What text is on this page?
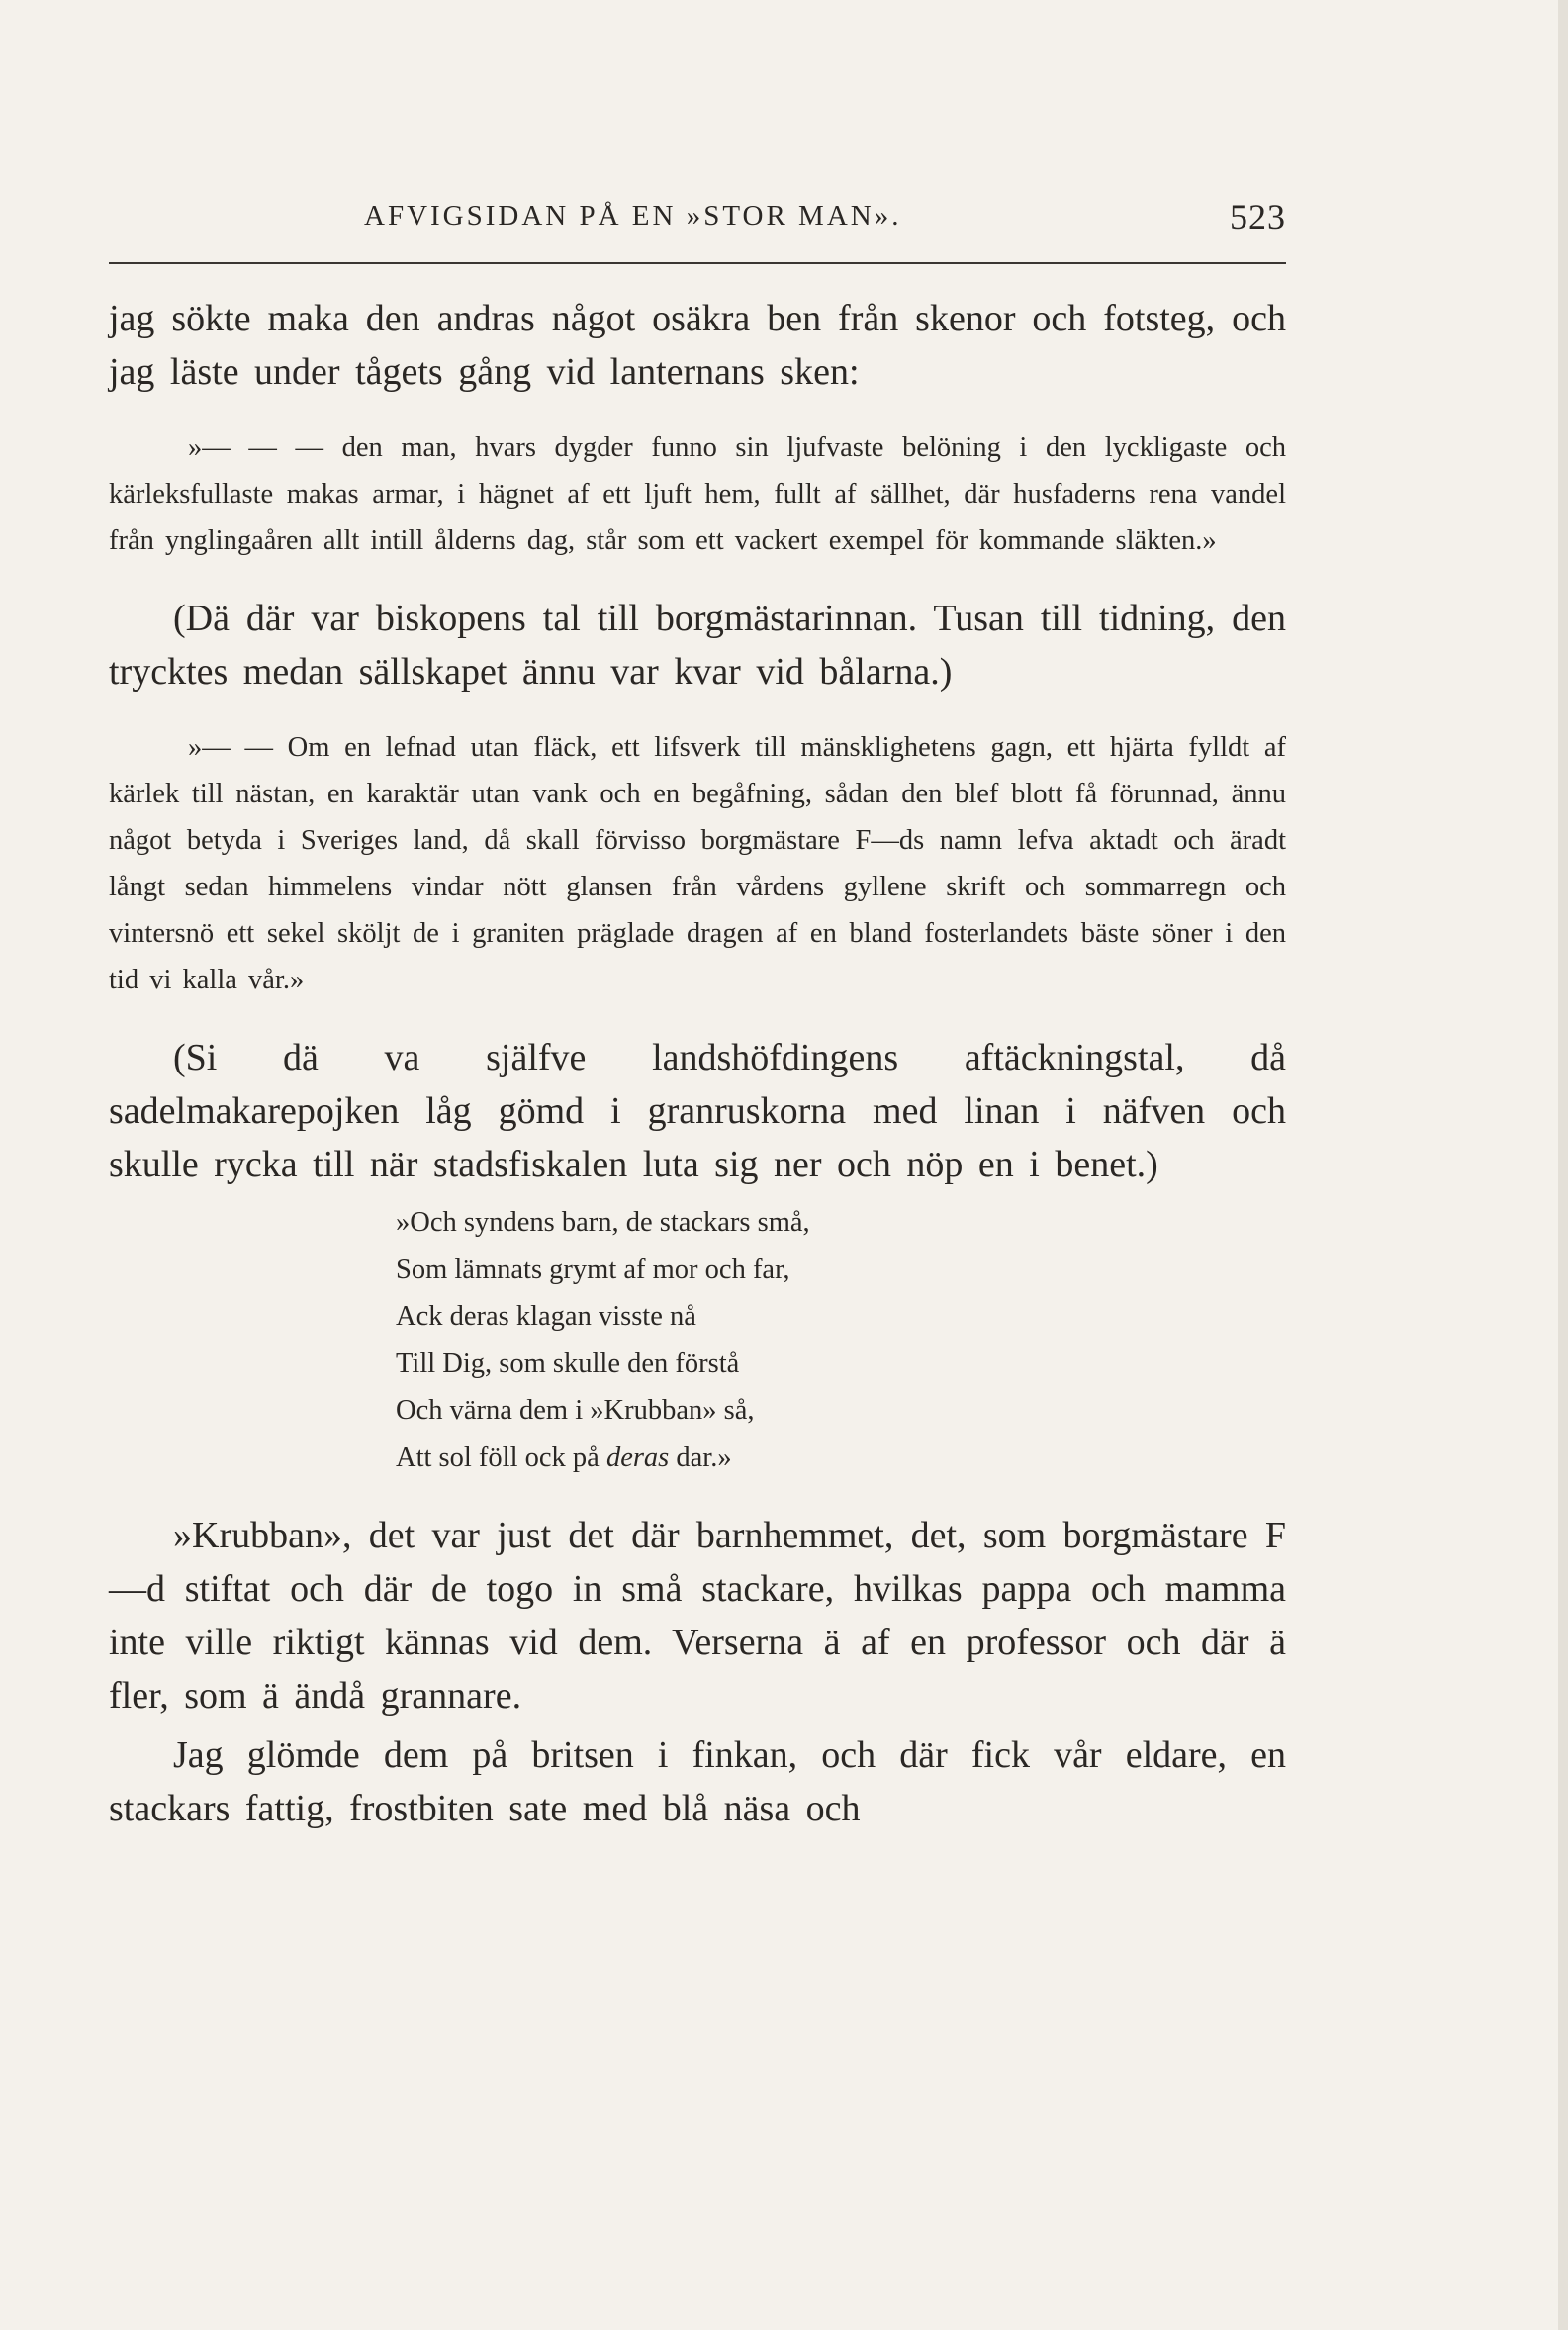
AFVIGSIDAN PÅ EN »STOR MAN».	523

jag sökte maka den andras något osäkra ben från skenor och fotsteg, och jag läste under tågets gång vid lanternans sken:

»— — — den man, hvars dygder funno sin ljufvaste belöning i den lyckligaste och kärleksfullaste makas armar, i hägnet af ett ljuft hem, fullt af sällhet, där husfaderns rena vandel från ynglingaåren allt intill ålderns dag, står som ett vackert exempel för kommande släkten.»

(Dä där var biskopens tal till borgmästarinnan. Tusan till tidning, den trycktes medan sällskapet ännu var kvar vid bålarna.)

»— — Om en lefnad utan fläck, ett lifsverk till mänsklighetens gagn, ett hjärta fylldt af kärlek till nästan, en karaktär utan vank och en begåfning, sådan den blef blott få förunnad, ännu något betyda i Sveriges land, då skall förvisso borgmästare F—ds namn lefva aktadt och äradt långt sedan himmelens vindar nött glansen från vårdens gyllene skrift och sommarregn och vintersnö ett sekel sköljt de i graniten präglade dragen af en bland fosterlandets bäste söner i den tid vi kalla vår.»

(Si dä va själfve landshöfdingens aftäckningstal, då sadelmakarepojken låg gömd i granruskorna med linan i näfven och skulle rycka till när stadsfiskalen luta sig ner och nöp en i benet.)

»Och syndens barn, de stackars små,
Som lämnats grymt af mor och far,
Ack deras klagan visste nå
Till Dig, som skulle den förstå
Och värna dem i »Krubban» så,
Att sol föll ock på deras dar.»

»Krubban», det var just det där barnhemmet, det, som borgmästare F—d stiftat och där de togo in små stackare, hvilkas pappa och mamma inte ville riktigt kännas vid dem. Verserna ä af en professor och där ä fler, som ä ändå grannare.

Jag glömde dem på britsen i finkan, och där fick vår eldare, en stackars fattig, frostbiten sate med blå näsa och
